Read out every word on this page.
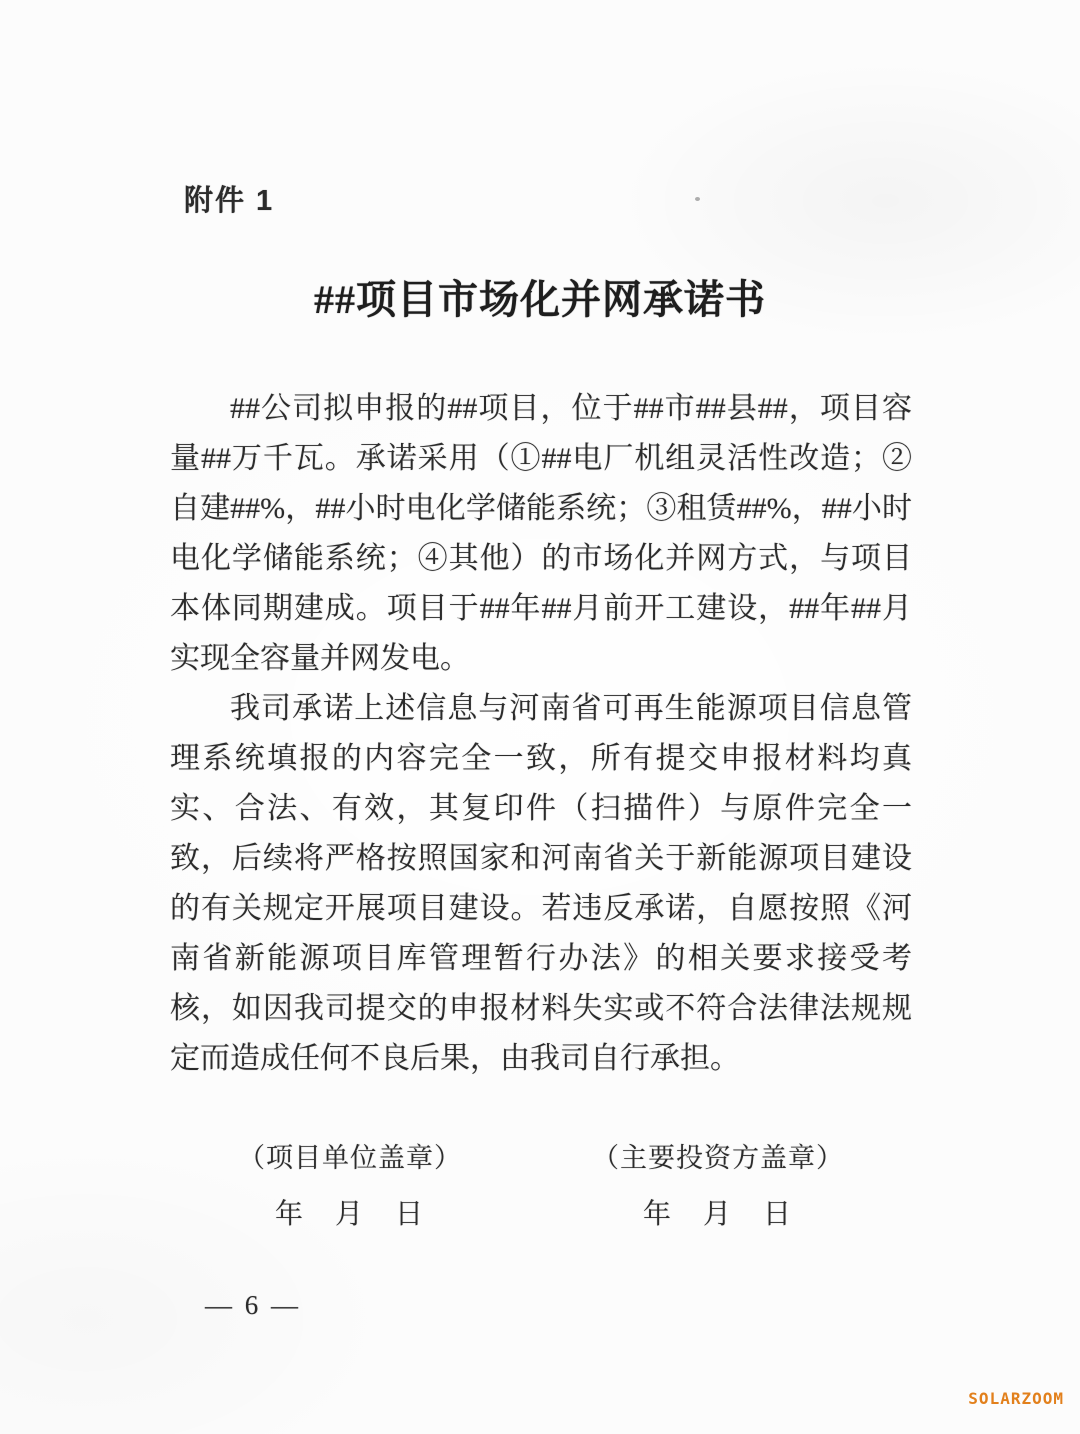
附件 1
##项目市场化并网承诺书

##公司拟申报的##项目，位于##市##县##，项目容量##万千瓦。承诺采用（①##电厂机组灵活性改造；②自建##%，##小时电化学储能系统；③租赁##%，##小时电化学储能系统；④其他）的市场化并网方式，与项目本体同期建成。项目于##年##月前开工建设，##年##月实现全容量并网发电。

我司承诺上述信息与河南省可再生能源项目信息管理系统填报的内容完全一致，所有提交申报材料均真实、合法、有效，其复印件（扫描件）与原件完全一致，后续将严格按照国家和河南省关于新能源项目建设的有关规定开展项目建设。若违反承诺，自愿按照《河南省新能源项目库管理暂行办法》的相关要求接受考核，如因我司提交的申报材料失实或不符合法律法规规定而造成任何不良后果，由我司自行承担。

（项目单位盖章）
年　月　日
（主要投资方盖章）
年　月　日
— 6 —
SOLARZOOM
